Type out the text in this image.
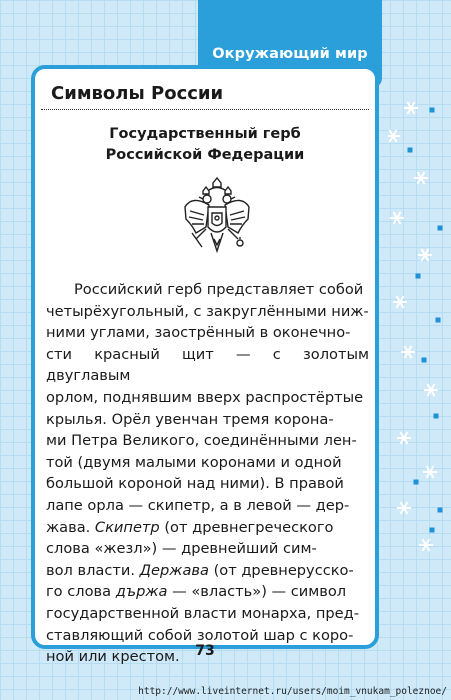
Окружающий мир
Символы России
Государственный герб
Российской Федерации

Российский герб представляет собой

четырёхугольный, с закруглёнными ниж-

ними углами, заострённый в оконечно-

сти красный щит — с золотым двуглавым

орлом, поднявшим вверх распростёртые

крылья. Орёл увенчан тремя корона-

ми Петра Великого, соединёнными лен-

той (двумя малыми коронами и одной

большой короной над ними). В правой

лапе орла — скипетр, а в левой — дер-

жава. Скипетр (от древнегреческого

слова «жезл») — древнейший сим-

вол власти. Держава (от древнерусско-

го слова държа — «власть») — символ

государственной власти монарха, пред-

ставляющий собой золотой шар с коро-

ной или крестом.	73
http://www.liveinternet.ru/users/moim_vnukam_poleznoe/
